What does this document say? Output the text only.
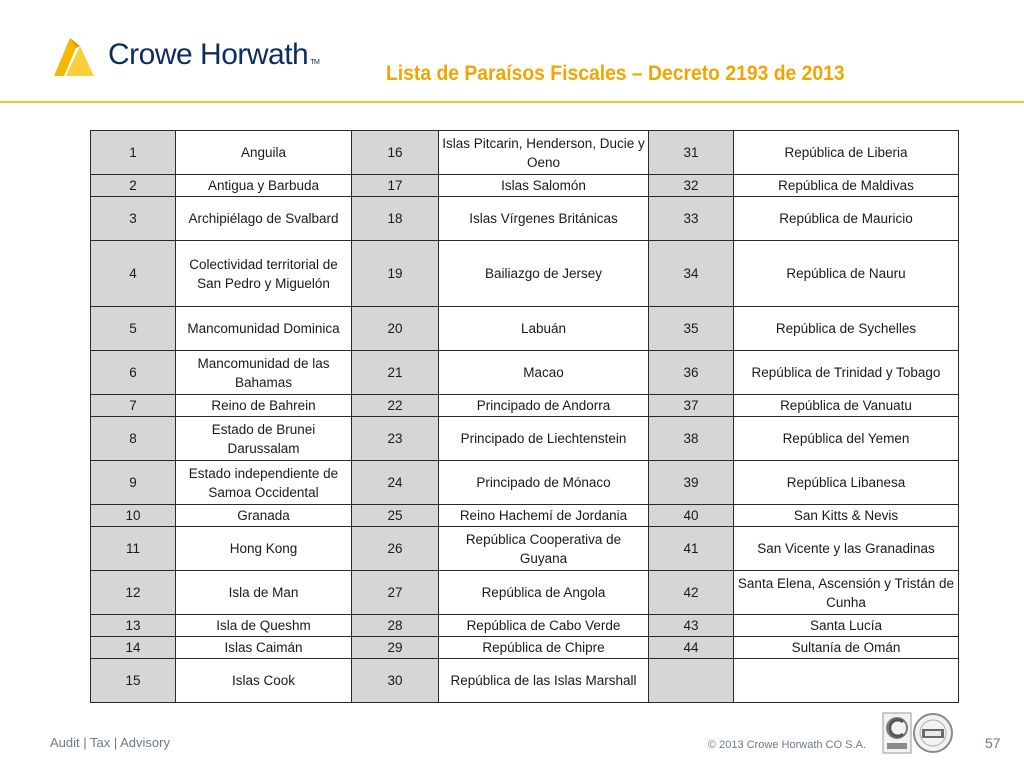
Crowe Horwath TM	Lista de Paraísos Fiscales – Decreto 2193 de 2013
1	Anguila	16	Islas Pitcarin, Henderson, Ducie y Oeno	31	República de Liberia
2	Antigua y Barbuda	17	Islas Salomón	32	República de Maldivas
3	Archipiélago de Svalbard	18	Islas Vírgenes Británicas	33	República de Mauricio
4	Colectividad territorial de San Pedro y Miguelón	19	Bailiazgo de Jersey	34	República de Nauru
5	Mancomunidad Dominica	20	Labuán	35	República de Sychelles
6	Mancomunidad de las Bahamas	21	Macao	36	República de Trinidad y Tobago
7	Reino de Bahrein	22	Principado de Andorra	37	República de Vanuatu
8	Estado de Brunei Darussalam	23	Principado de Liechtenstein	38	República del Yemen
9	Estado independiente de Samoa Occidental	24	Principado de Mónaco	39	República Libanesa
10	Granada	25	Reino Hachemí de Jordania	40	San Kitts & Nevis
11	Hong Kong	26	República Cooperativa de Guyana	41	San Vicente y las Granadinas
12	Isla de Man	27	República de Angola	42	Santa Elena, Ascensión y Tristán de Cunha
13	Isla de Queshm	28	República de Cabo Verde	43	Santa Lucía
14	Islas Caimán	29	República de Chipre	44	Sultanía de Omán
15	Islas Cook	30	República de las Islas Marshall		
Audit | Tax | Advisory	© 2013 Crowe Horwath CO S.A.	57
